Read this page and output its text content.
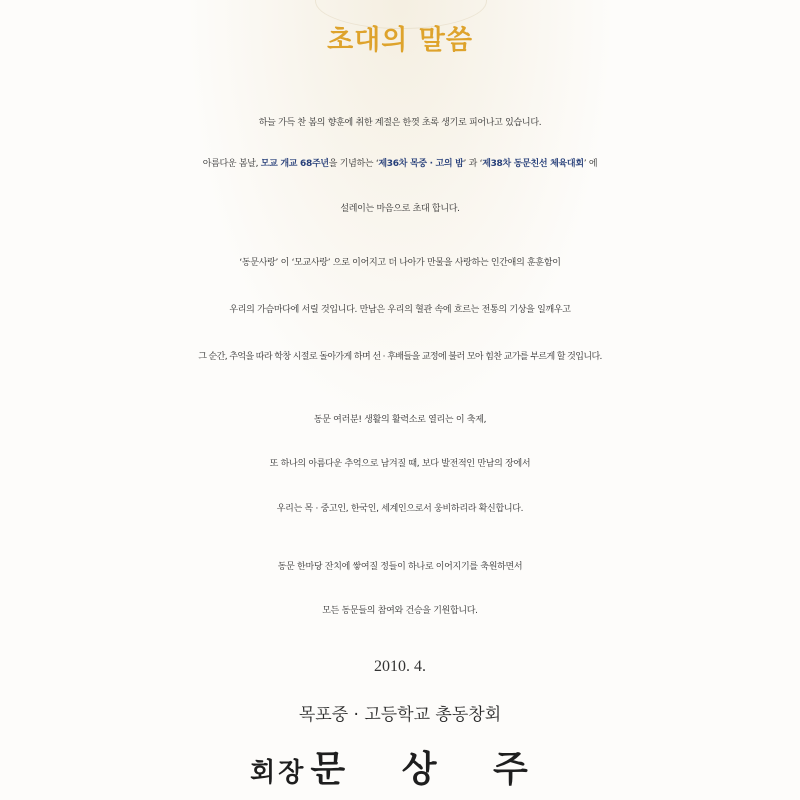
초대의 말씀
하늘 가득 찬 봄의 향훈에 취한 계절은 한껏 초록 생기로 피어나고 있습니다.
아름다운 봄날, 모교 개교 68주년을 기념하는 ‘제36차 목중 · 고의 밤’ 과 ‘제38차 동문친선 체육대회’ 에
설레이는 마음으로 초대 합니다.
‘동문사랑’ 이 ‘모교사랑’ 으로 이어지고 더 나아가 만물을 사랑하는 인간애의 훈훈함이
우리의 가슴마다에 서릴 것입니다. 만남은 우리의 혈관 속에 흐르는 전통의 기상을 일깨우고
그 순간, 추억을 따라 학창 시절로 돌아가게 하며 선 · 후배들을 교정에 불러 모아 힘찬 교가를 부르게 할 것입니다.
동문 여러분! 생활의 활력소로 열리는 이 축제,
또 하나의 아름다운 추억으로 남겨질 때, 보다 발전적인 만남의 장에서
우리는 목 · 중고인, 한국인, 세계인으로서 웅비하리라 확신합니다.
동문 한마당 잔치에 쌓여질 정들이 하나로 이어지기를 축원하면서
모든 동문들의 참여와 건승을 기원합니다.
2010. 4.
목포중 · 고등학교 총동창회
회장 문 상 주
